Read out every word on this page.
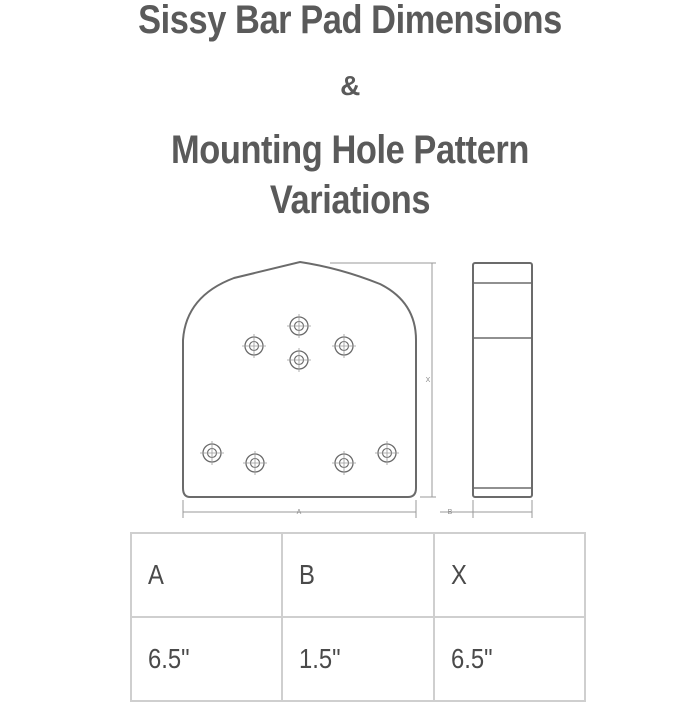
Sissy Bar Pad Dimensions
&
Mounting Hole Pattern
Variations
A
X
B
A	B	X
6.5"	1.5"	6.5"
